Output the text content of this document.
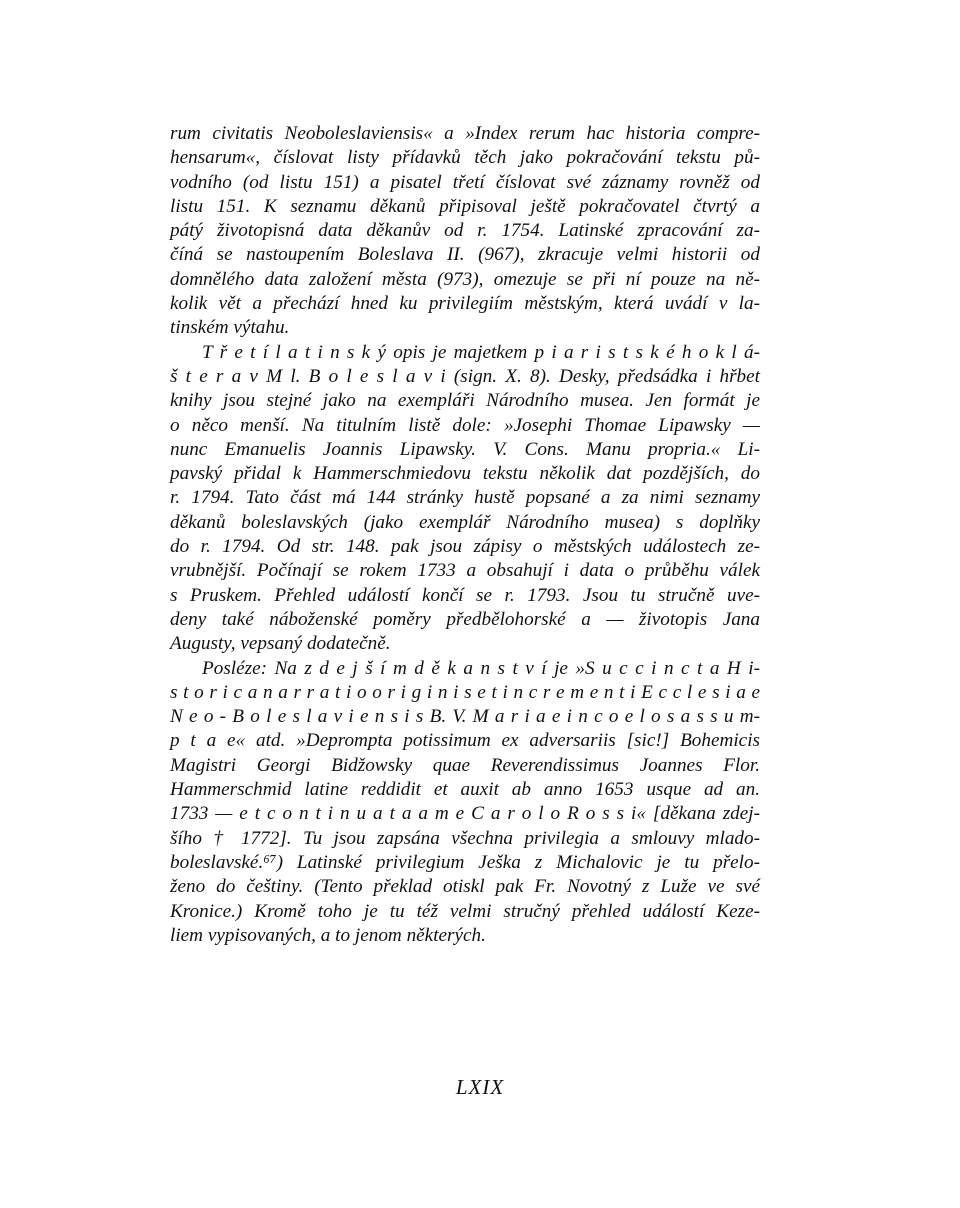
rum civitatis Neoboleslaviensis« a »Index rerum hac historia compre-
hensarum«, číslovat listy přídavků těch jako pokračování tekstu pů-
vodního (od listu 151) a pisatel třetí číslovat své záznamy rovněž od
listu 151. K seznamu děkanů připisoval ještě pokračovatel čtvrtý a
pátý životopisná data děkanův od r. 1754. Latinské zpracování za-
číná se nastoupením Boleslava II. (967), zkracuje velmi historii od
domnělého data založení města (973), omezuje se při ní pouze na ně-
kolik vět a přechází hned ku privilegiím městským, která uvádí v la-
tinském výtahu.
T ř e t í l a t i n s k ý opis je majetkem p i a r i s t s k é h o k l á-
š t e r a v M l. B o l e s l a v i (sign. X. 8). Desky, předsádka i hřbet
knihy jsou stejné jako na exempláři Národního musea. Jen formát je
o něco menší. Na titulním listě dole: »Josephi Thomae Lipawsky —
nunc Emanuelis Joannis Lipawsky. V. Cons. Manu propria.« Li-
pavský přidal k Hammerschmiedovu tekstu několik dat pozdějších, do
r. 1794. Tato část má 144 stránky hustě popsané a za nimi seznamy
děkanů boleslavských (jako exemplář Národního musea) s doplňky
do r. 1794. Od str. 148. pak jsou zápisy o městských událostech ze-
vrubnější. Počínají se rokem 1733 a obsahují i data o průběhu válek
s Pruskem. Přehled událostí končí se r. 1793. Jsou tu stručně uve-
deny také náboženské poměry předbělohorské a — životopis Jana
Augusty, vepsaný dodatečně.
Posléze: Na z d e j š í m d ě k a n s t v í je »S u c c i n c t a H i-
s t o r i c a n a r r a t i o o r i g i n i s e t i n c r e m e n t i E c c l e s i a e
N e o - B o l e s l a v i e n s i s B. V. M a r i a e i n c o e l o s a s s u m-
p t a e« atd. »Deprompta potissimum ex adversariis [sic!] Bohemicis
Magistri Georgi Bidžowsky quae Reverendissimus Joannes Flor.
Hammerschmid latine reddidit et auxit ab anno 1653 usque ad an.
1733 — e t c o n t i n u a t a a m e C a r o l o R o s s i« [děkana zdej-
šího † 1772]. Tu jsou zapsána všechna privilegia a smlouvy mlado-
boleslavské.⁶⁷) Latinské privilegium Ješka z Michalovic je tu přelo-
ženo do češtiny. (Tento překlad otiskl pak Fr. Novotný z Luže ve své
Kronice.) Kromě toho je tu též velmi stručný přehled událostí Keze-
liem vypisovaných, a to jenom některých.
LXIX
